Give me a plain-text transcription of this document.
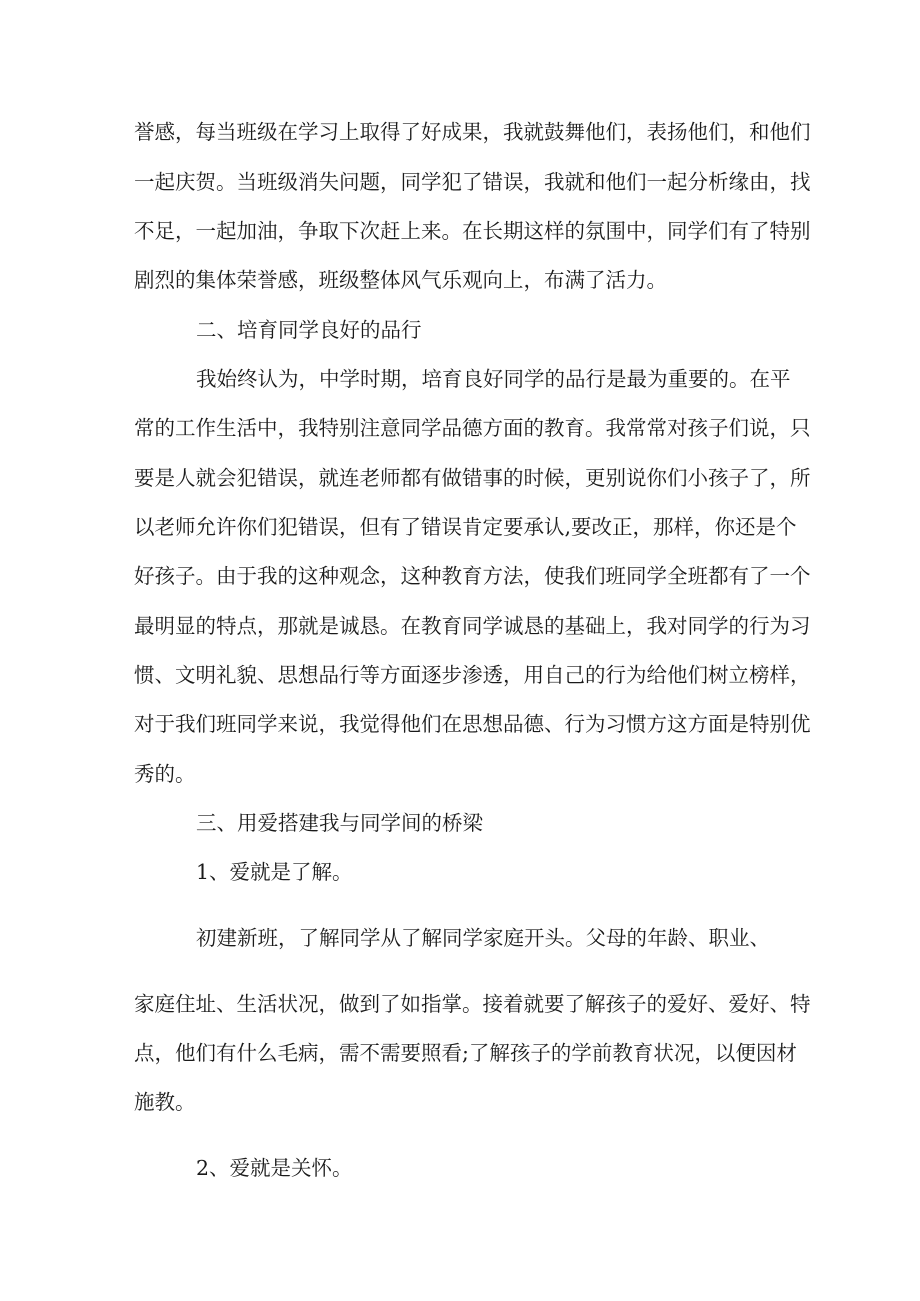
誉感，每当班级在学习上取得了好成果，我就鼓舞他们，表扬他们，和他们
一起庆贺。当班级消失问题，同学犯了错误，我就和他们一起分析缘由，找
不足，一起加油，争取下次赶上来。在长期这样的氛围中，同学们有了特别
剧烈的集体荣誉感，班级整体风气乐观向上，布满了活力。
二、培育同学良好的品行
我始终认为，中学时期，培育良好同学的品行是最为重要的。在平
常的工作生活中，我特别注意同学品德方面的教育。我常常对孩子们说，只
要是人就会犯错误，就连老师都有做错事的时候，更别说你们小孩子了，所
以老师允许你们犯错误，但有了错误肯定要承认,要改正，那样，你还是个
好孩子。由于我的这种观念，这种教育方法，使我们班同学全班都有了一个
最明显的特点，那就是诚恳。在教育同学诚恳的基础上，我对同学的行为习
惯、文明礼貌、思想品行等方面逐步渗透，用自己的行为给他们树立榜样，
对于我们班同学来说，我觉得他们在思想品德、行为习惯方这方面是特别优
秀的。
三、用爱搭建我与同学间的桥梁
1、爱就是了解。
初建新班，了解同学从了解同学家庭开头。父母的年龄、职业、
家庭住址、生活状况，做到了如指掌。接着就要了解孩子的爱好、爱好、特
点，他们有什么毛病，需不需要照看;了解孩子的学前教育状况，以便因材
施教。
2、爱就是关怀。
